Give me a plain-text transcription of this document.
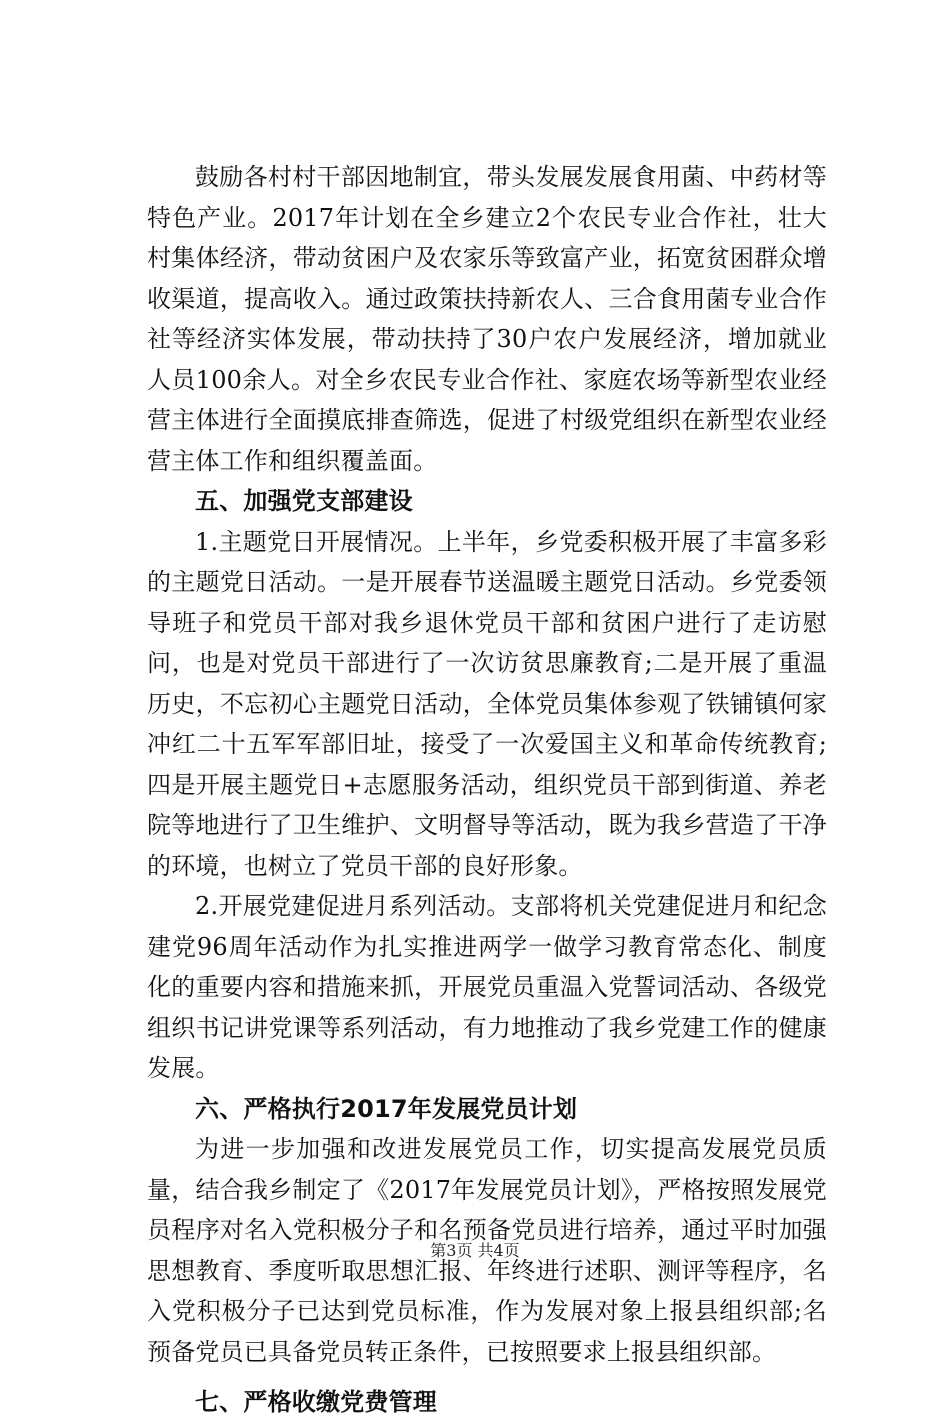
鼓励各村村干部因地制宜，带头发展发展食用菌、中药材等特色产业。2017年计划在全乡建立2个农民专业合作社，壮大村集体经济，带动贫困户及农家乐等致富产业，拓宽贫困群众增收渠道，提高收入。通过政策扶持新农人、三合食用菌专业合作社等经济实体发展，带动扶持了30户农户发展经济，增加就业人员100余人。对全乡农民专业合作社、家庭农场等新型农业经营主体进行全面摸底排查筛选，促进了村级党组织在新型农业经营主体工作和组织覆盖面。

五、加强党支部建设

1.主题党日开展情况。上半年，乡党委积极开展了丰富多彩的主题党日活动。一是开展春节送温暖主题党日活动。乡党委领导班子和党员干部对我乡退休党员干部和贫困户进行了走访慰问，也是对党员干部进行了一次访贫思廉教育;二是开展了重温历史，不忘初心主题党日活动，全体党员集体参观了铁铺镇何家冲红二十五军军部旧址，接受了一次爱国主义和革命传统教育;四是开展主题党日+志愿服务活动，组织党员干部到街道、养老院等地进行了卫生维护、文明督导等活动，既为我乡营造了干净的环境，也树立了党员干部的良好形象。

2.开展党建促进月系列活动。支部将机关党建促进月和纪念建党96周年活动作为扎实推进两学一做学习教育常态化、制度化的重要内容和措施来抓，开展党员重温入党誓词活动、各级党组织书记讲党课等系列活动，有力地推动了我乡党建工作的健康发展。

六、严格执行2017年发展党员计划

为进一步加强和改进发展党员工作，切实提高发展党员质量，结合我乡制定了《2017年发展党员计划》，严格按照发展党员程序对名入党积极分子和名预备党员进行培养，通过平时加强思想教育、季度听取思想汇报、年终进行述职、测评等程序，名入党积极分子已达到党员标准，作为发展对象上报县组织部;名预备党员已具备党员转正条件，已按照要求上报县组织部。

七、严格收缴党费管理
第3页 共4页
